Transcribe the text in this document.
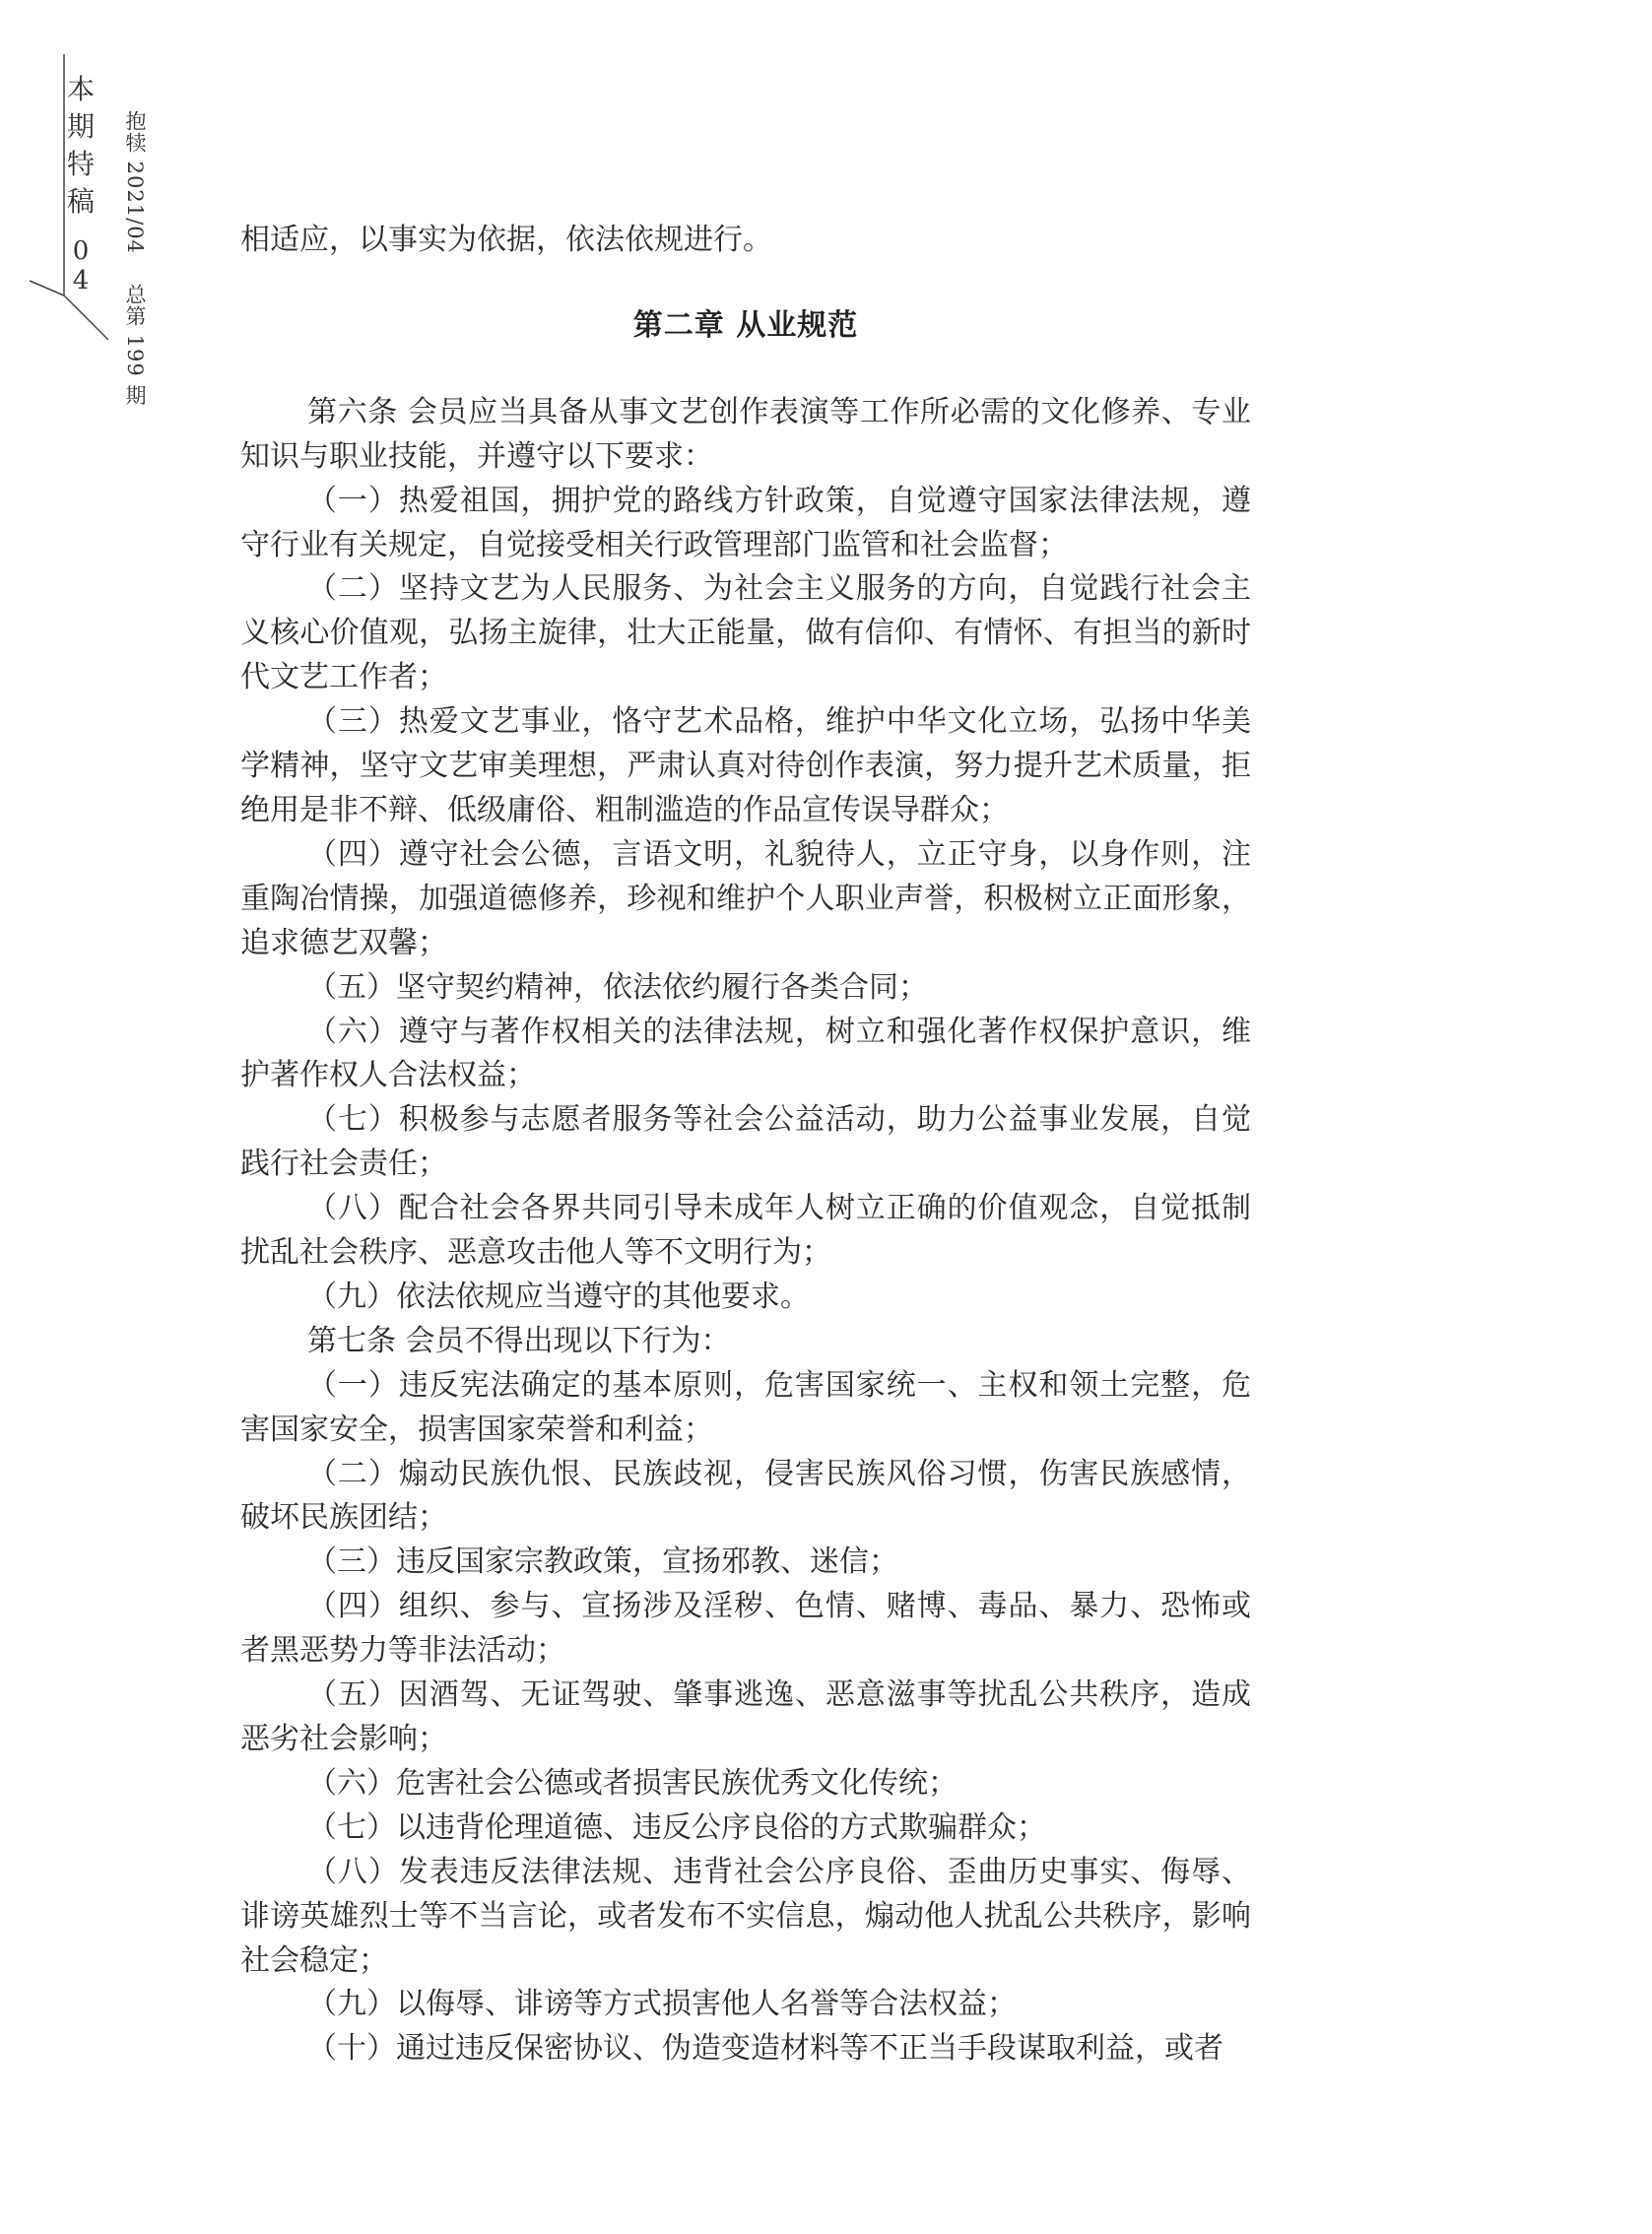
本
期
特
稿
0
4
抱犊 2021/04 总第 199 期

相适应，以事实为依据，依法依规进行。

第二章 从业规范

第六条 会员应当具备从事文艺创作表演等工作所必需的文化修养、专业知识与职业技能，并遵守以下要求：

（一）热爱祖国，拥护党的路线方针政策，自觉遵守国家法律法规，遵守行业有关规定，自觉接受相关行政管理部门监管和社会监督；

（二）坚持文艺为人民服务、为社会主义服务的方向，自觉践行社会主义核心价值观，弘扬主旋律，壮大正能量，做有信仰、有情怀、有担当的新时代文艺工作者；

（三）热爱文艺事业，恪守艺术品格，维护中华文化立场，弘扬中华美学精神，坚守文艺审美理想，严肃认真对待创作表演，努力提升艺术质量，拒绝用是非不辩、低级庸俗、粗制滥造的作品宣传误导群众；

（四）遵守社会公德，言语文明，礼貌待人，立正守身，以身作则，注重陶冶情操，加强道德修养，珍视和维护个人职业声誉，积极树立正面形象，追求德艺双馨；

（五）坚守契约精神，依法依约履行各类合同；

（六）遵守与著作权相关的法律法规，树立和强化著作权保护意识，维护著作权人合法权益；

（七）积极参与志愿者服务等社会公益活动，助力公益事业发展，自觉践行社会责任；

（八）配合社会各界共同引导未成年人树立正确的价值观念，自觉抵制扰乱社会秩序、恶意攻击他人等不文明行为；

（九）依法依规应当遵守的其他要求。

第七条 会员不得出现以下行为：

（一）违反宪法确定的基本原则，危害国家统一、主权和领土完整，危害国家安全，损害国家荣誉和利益；

（二）煽动民族仇恨、民族歧视，侵害民族风俗习惯，伤害民族感情，破坏民族团结；

（三）违反国家宗教政策，宣扬邪教、迷信；

（四）组织、参与、宣扬涉及淫秽、色情、赌博、毒品、暴力、恐怖或者黑恶势力等非法活动；

（五）因酒驾、无证驾驶、肇事逃逸、恶意滋事等扰乱公共秩序，造成恶劣社会影响；

（六）危害社会公德或者损害民族优秀文化传统；

（七）以违背伦理道德、违反公序良俗的方式欺骗群众；

（八）发表违反法律法规、违背社会公序良俗、歪曲历史事实、侮辱、诽谤英雄烈士等不当言论，或者发布不实信息，煽动他人扰乱公共秩序，影响社会稳定；

（九）以侮辱、诽谤等方式损害他人名誉等合法权益；

（十）通过违反保密协议、伪造变造材料等不正当手段谋取利益，或者
